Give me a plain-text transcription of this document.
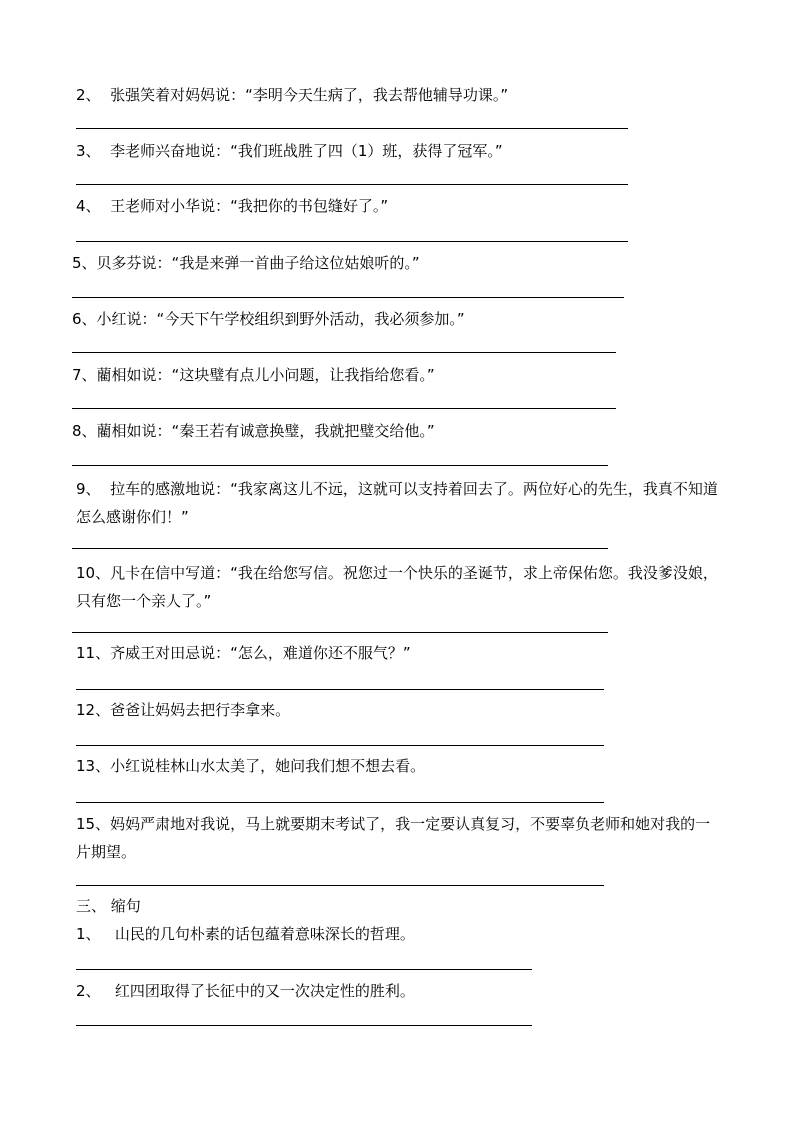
2、 张强笑着对妈妈说：“李明今天生病了，我去帮他辅导功课。”
3、 李老师兴奋地说：“我们班战胜了四（1）班，获得了冠军。”
4、 王老师对小华说：“我把你的书包缝好了。”
5、贝多芬说：“我是来弹一首曲子给这位姑娘听的。”
6、小红说：“今天下午学校组织到野外活动，我必须参加。”
7、藺相如说：“这块璧有点儿小问题，让我指给您看。”
8、藺相如说：“秦王若有诚意换璧，我就把璧交给他。”
9、 拉车的感激地说：“我家离这儿不远，这就可以支持着回去了。两位好心的先生，我真不知道怎么感谢你们！”
10、凡卡在信中写道：“我在给您写信。祝您过一个快乐的圣诞节，求上帝保佑您。我没爹没娘，只有您一个亲人了。”
11、齐威王对田忌说：“怎么，难道你还不服气？”
12、爸爸让妈妈去把行李拿来。
13、小红说桂林山水太美了，她问我们想不想去看。
15、妈妈严肃地对我说，马上就要期末考试了，我一定要认真复习，不要辜负老师和她对我的一片期望。
三、 缩句
1、 山民的几句朴素的话包蕴着意味深长的哲理。
2、 红四团取得了长征中的又一次决定性的胜利。
